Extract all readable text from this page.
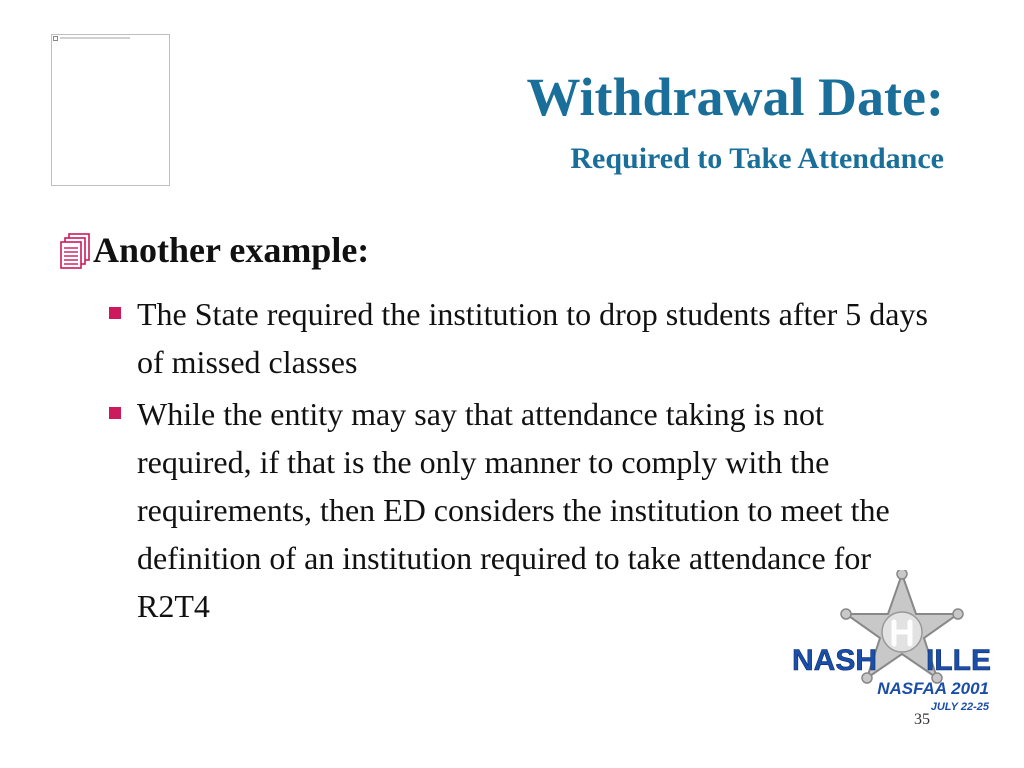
Withdrawal Date:
Required to Take Attendance
Another example:
The State required the institution to drop students after 5 days of missed classes
While the entity may say that attendance taking is not required, if that is the only manner to comply with the requirements, then ED considers the institution to meet the definition of an institution required to take attendance for R2T4
NASH ILLE
NASFAA 2001
JULY 22-25
35
